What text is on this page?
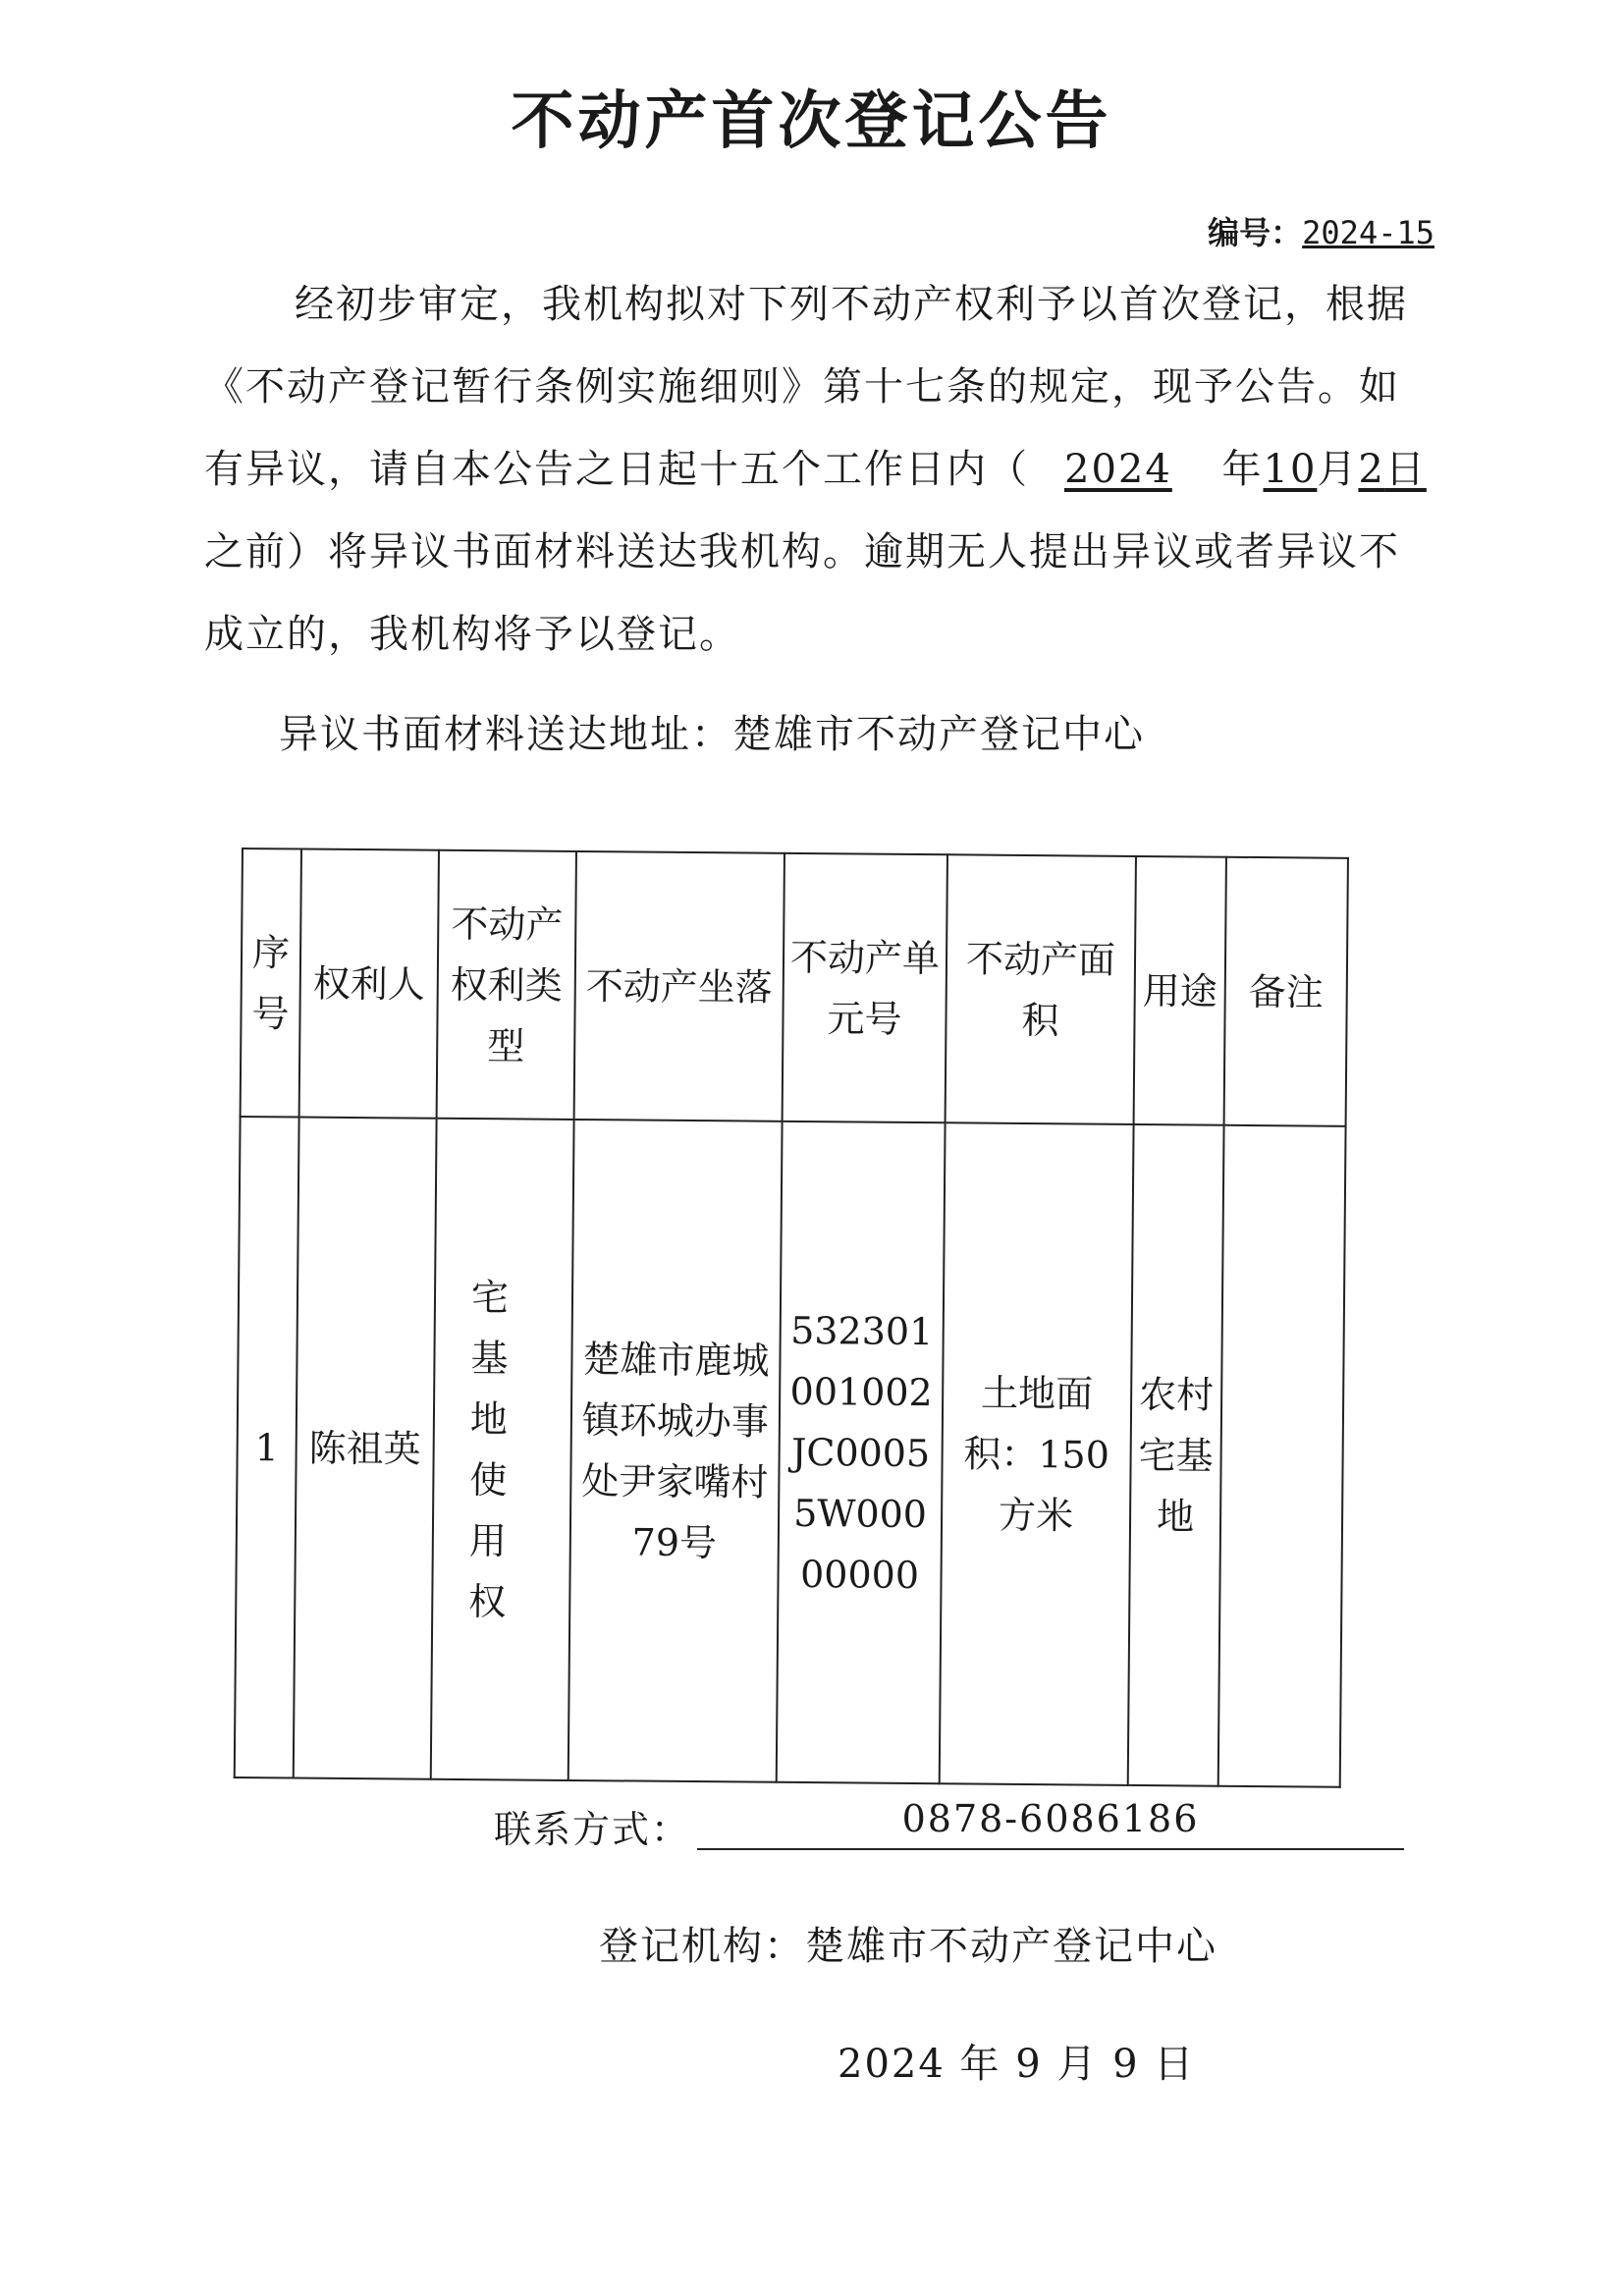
不动产首次登记公告
编号：2024-15

经初步审定，我机构拟对下列不动产权利予以首次登记，根据《不动产登记暂行条例实施细则》第十七条的规定，现予公告。如有异议，请自本公告之日起十五个工作日内（ 2024 年10月2日之前）将异议书面材料送达我机构。逾期无人提出异议或者异议不成立的，我机构将予以登记。

异议书面材料送达地址：楚雄市不动产登记中心
序号	权利人	不动产权利类型	不动产坐落	不动产单元号	不动产面积	用途	备注
1	陈祖英	宅基地使用权	楚雄市鹿城镇环城办事处尹家嘴村79号	532301001002JC00055W00000000	土地面积：150方米	农村宅基地	
联系方式：	0878-6086186
登记机构：楚雄市不动产登记中心
2024 年 9 月 9 日
